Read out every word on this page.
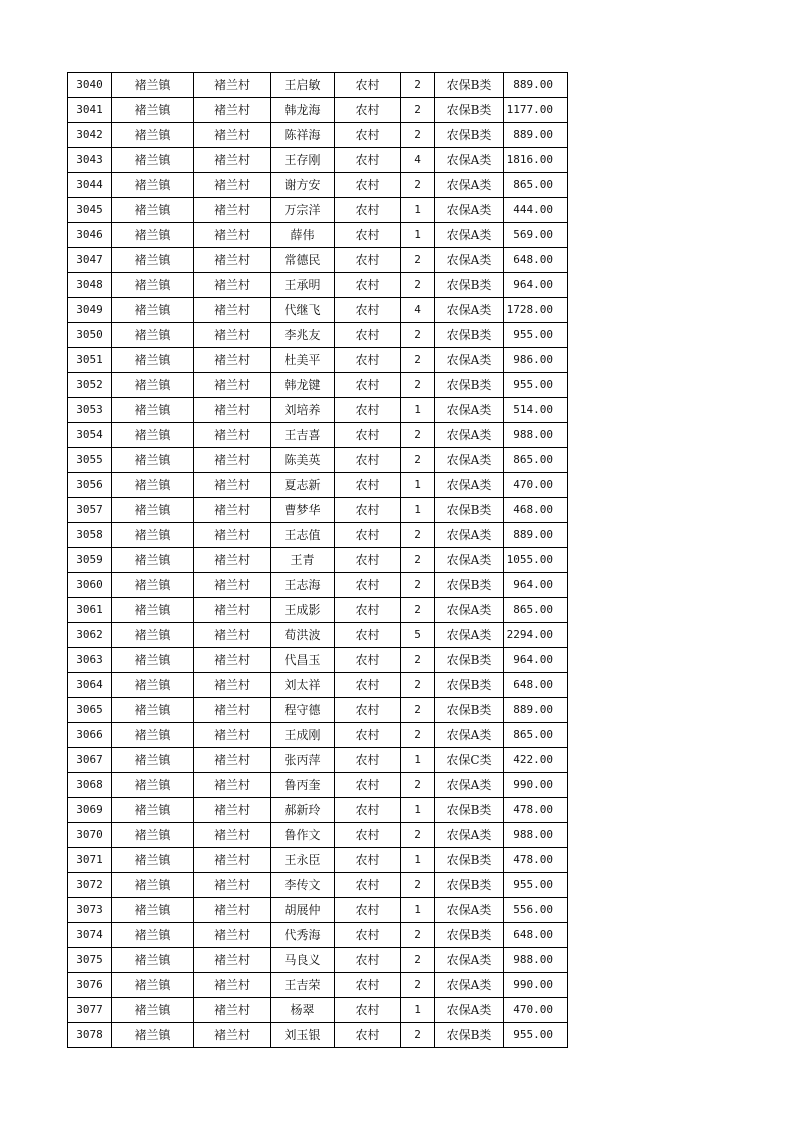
3040	褚兰镇	褚兰村	王启敏	农村	2	农保B类	889.00
3041	褚兰镇	褚兰村	韩龙海	农村	2	农保B类	1177.00
3042	褚兰镇	褚兰村	陈祥海	农村	2	农保B类	889.00
3043	褚兰镇	褚兰村	王存刚	农村	4	农保A类	1816.00
3044	褚兰镇	褚兰村	谢方安	农村	2	农保A类	865.00
3045	褚兰镇	褚兰村	万宗洋	农村	1	农保A类	444.00
3046	褚兰镇	褚兰村	薛伟	农村	1	农保A类	569.00
3047	褚兰镇	褚兰村	常德民	农村	2	农保A类	648.00
3048	褚兰镇	褚兰村	王承明	农村	2	农保B类	964.00
3049	褚兰镇	褚兰村	代继飞	农村	4	农保A类	1728.00
3050	褚兰镇	褚兰村	李兆友	农村	2	农保B类	955.00
3051	褚兰镇	褚兰村	杜美平	农村	2	农保A类	986.00
3052	褚兰镇	褚兰村	韩龙键	农村	2	农保B类	955.00
3053	褚兰镇	褚兰村	刘培养	农村	1	农保A类	514.00
3054	褚兰镇	褚兰村	王吉喜	农村	2	农保A类	988.00
3055	褚兰镇	褚兰村	陈美英	农村	2	农保A类	865.00
3056	褚兰镇	褚兰村	夏志新	农村	1	农保A类	470.00
3057	褚兰镇	褚兰村	曹梦华	农村	1	农保B类	468.00
3058	褚兰镇	褚兰村	王志值	农村	2	农保A类	889.00
3059	褚兰镇	褚兰村	王青	农村	2	农保A类	1055.00
3060	褚兰镇	褚兰村	王志海	农村	2	农保B类	964.00
3061	褚兰镇	褚兰村	王成影	农村	2	农保A类	865.00
3062	褚兰镇	褚兰村	荀洪波	农村	5	农保A类	2294.00
3063	褚兰镇	褚兰村	代昌玉	农村	2	农保B类	964.00
3064	褚兰镇	褚兰村	刘太祥	农村	2	农保B类	648.00
3065	褚兰镇	褚兰村	程守德	农村	2	农保B类	889.00
3066	褚兰镇	褚兰村	王成刚	农村	2	农保A类	865.00
3067	褚兰镇	褚兰村	张丙萍	农村	1	农保C类	422.00
3068	褚兰镇	褚兰村	鲁丙奎	农村	2	农保A类	990.00
3069	褚兰镇	褚兰村	郝新玲	农村	1	农保B类	478.00
3070	褚兰镇	褚兰村	鲁作文	农村	2	农保A类	988.00
3071	褚兰镇	褚兰村	王永臣	农村	1	农保B类	478.00
3072	褚兰镇	褚兰村	李传文	农村	2	农保B类	955.00
3073	褚兰镇	褚兰村	胡展仲	农村	1	农保A类	556.00
3074	褚兰镇	褚兰村	代秀海	农村	2	农保B类	648.00
3075	褚兰镇	褚兰村	马良义	农村	2	农保A类	988.00
3076	褚兰镇	褚兰村	王吉荣	农村	2	农保A类	990.00
3077	褚兰镇	褚兰村	杨翠	农村	1	农保A类	470.00
3078	褚兰镇	褚兰村	刘玉银	农村	2	农保B类	955.00
